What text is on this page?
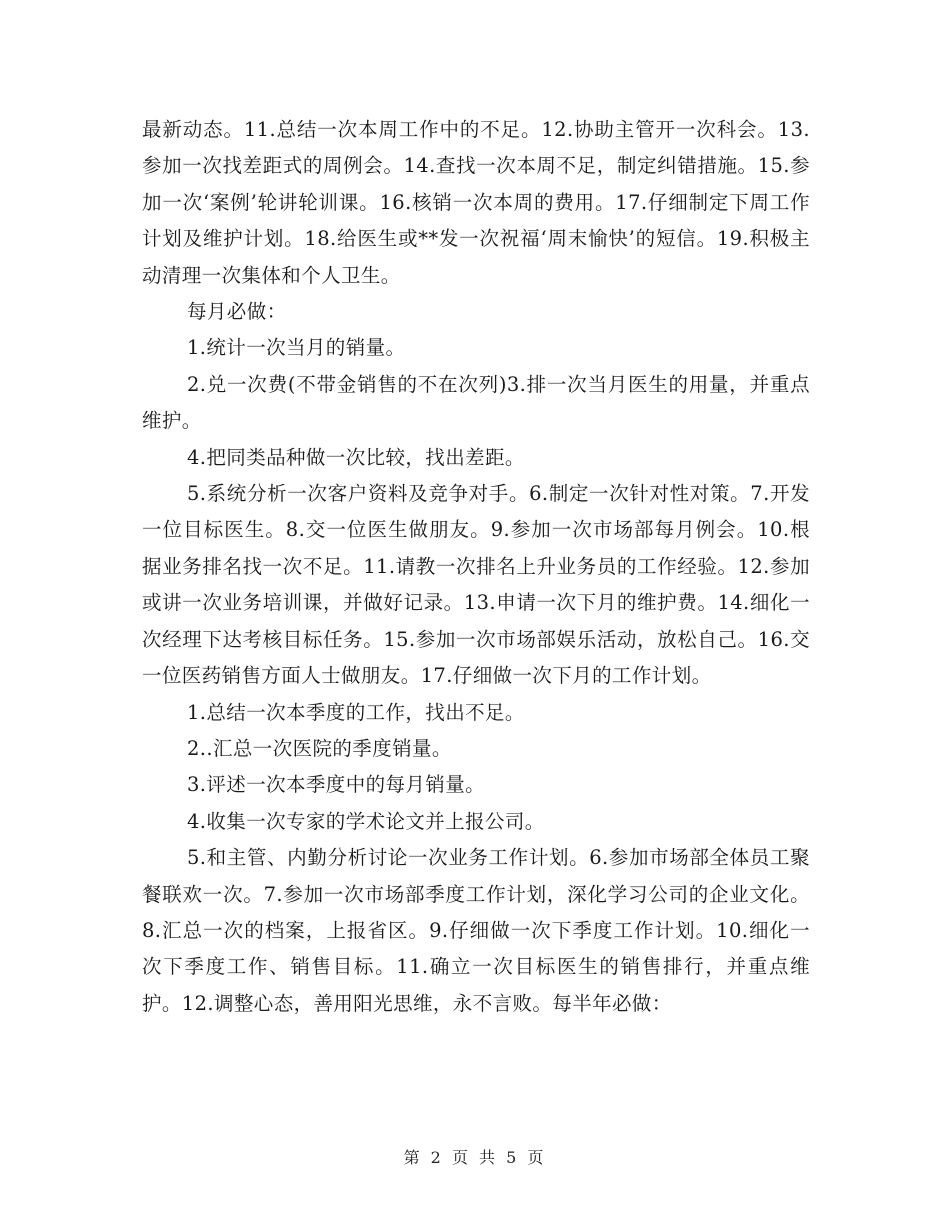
最新动态。11.总结一次本周工作中的不足。12.协助主管开一次科会。13.参加一次找差距式的周例会。14.查找一次本周不足，制定纠错措施。15.参加一次‘案例’轮讲轮训课。16.核销一次本周的费用。17.仔细制定下周工作计划及维护计划。18.给医生或**发一次祝福‘周末愉快’的短信。19.积极主动清理一次集体和个人卫生。

每月必做：

1.统计一次当月的销量。

2.兑一次费(不带金销售的不在次列)3.排一次当月医生的用量，并重点维护。

4.把同类品种做一次比较，找出差距。

5.系统分析一次客户资料及竞争对手。6.制定一次针对性对策。7.开发一位目标医生。8.交一位医生做朋友。9.参加一次市场部每月例会。10.根据业务排名找一次不足。11.请教一次排名上升业务员的工作经验。12.参加或讲一次业务培训课，并做好记录。13.申请一次下月的维护费。14.细化一次经理下达考核目标任务。15.参加一次市场部娱乐活动，放松自己。16.交一位医药销售方面人士做朋友。17.仔细做一次下月的工作计划。

1.总结一次本季度的工作，找出不足。

2..汇总一次医院的季度销量。

3.评述一次本季度中的每月销量。

4.收集一次专家的学术论文并上报公司。

5.和主管、内勤分析讨论一次业务工作计划。6.参加市场部全体员工聚餐联欢一次。7.参加一次市场部季度工作计划，深化学习公司的企业文化。8.汇总一次的档案，上报省区。9.仔细做一次下季度工作计划。10.细化一次下季度工作、销售目标。11.确立一次目标医生的销售排行，并重点维护。12.调整心态，善用阳光思维，永不言败。每半年必做：

第 2 页 共 5 页
